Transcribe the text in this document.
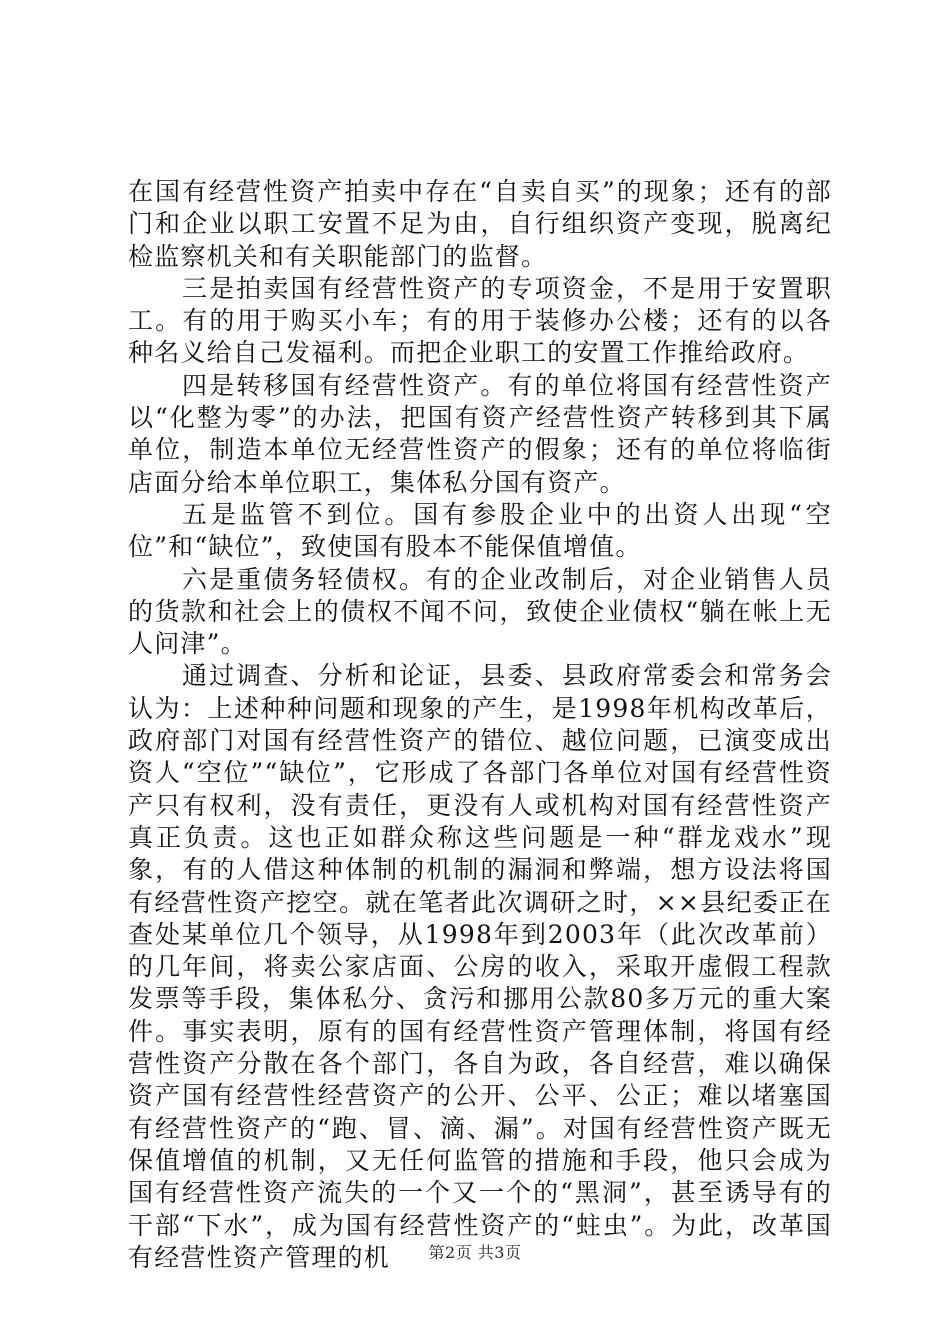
在国有经营性资产拍卖中存在“自卖自买”的现象；还有的部门和企业以职工安置不足为由，自行组织资产变现，脱离纪检监察机关和有关职能部门的监督。

三是拍卖国有经营性资产的专项资金，不是用于安置职工。有的用于购买小车；有的用于装修办公楼；还有的以各种名义给自己发福利。而把企业职工的安置工作推给政府。

四是转移国有经营性资产。有的单位将国有经营性资产以“化整为零”的办法，把国有资产经营性资产转移到其下属单位，制造本单位无经营性资产的假象；还有的单位将临街店面分给本单位职工，集体私分国有资产。

五是监管不到位。国有参股企业中的出资人出现“空位”和“缺位”，致使国有股本不能保值增值。

六是重债务轻债权。有的企业改制后，对企业销售人员的货款和社会上的债权不闻不问，致使企业债权“躺在帐上无人问津”。

通过调查、分析和论证，县委、县政府常委会和常务会认为：上述种种问题和现象的产生，是1998年机构改革后，政府部门对国有经营性资产的错位、越位问题，已演变成出资人“空位”“缺位”，它形成了各部门各单位对国有经营性资产只有权利，没有责任，更没有人或机构对国有经营性资产真正负责。这也正如群众称这些问题是一种“群龙戏水”现象，有的人借这种体制的机制的漏洞和弊端，想方设法将国有经营性资产挖空。就在笔者此次调研之时，××县纪委正在查处某单位几个领导，从1998年到2003年（此次改革前）的几年间，将卖公家店面、公房的收入，采取开虚假工程款发票等手段，集体私分、贪污和挪用公款80多万元的重大案件。事实表明，原有的国有经营性资产管理体制，将国有经营性资产分散在各个部门，各自为政，各自经营，难以确保资产国有经营性经营资产的公开、公平、公正；难以堵塞国有经营性资产的“跑、冒、滴、漏”。对国有经营性资产既无保值增值的机制，又无任何监管的措施和手段，他只会成为国有经营性资产流失的一个又一个的“黑洞”，甚至诱导有的干部“下水”，成为国有经营性资产的“蛀虫”。为此，改革国有经营性资产管理的机	第2页 共3页
